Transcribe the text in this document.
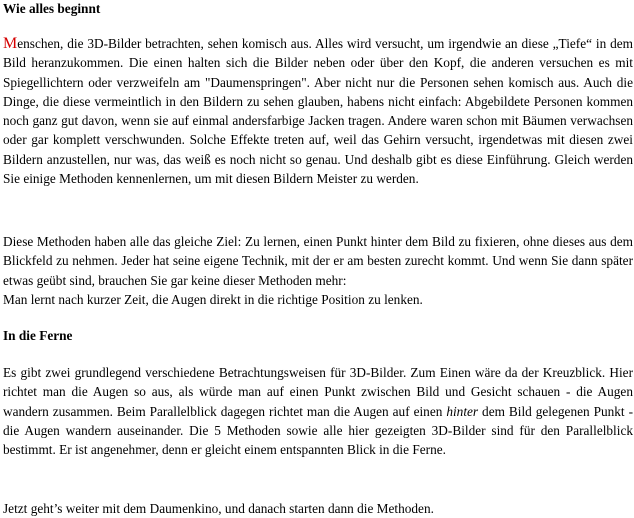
Wie alles beginnt

Menschen, die 3D-Bilder betrachten, sehen komisch aus. Alles wird versucht, um irgendwie an diese „Tiefe“ in dem Bild heranzukommen. Die einen halten sich die Bilder neben oder über den Kopf, die anderen versuchen es mit Spiegellichtern oder verzweifeln am "Daumenspringen". Aber nicht nur die Personen sehen komisch aus. Auch die Dinge, die diese vermeintlich in den Bildern zu sehen glauben, habens nicht einfach: Abgebildete Personen kommen noch ganz gut davon, wenn sie auf einmal andersfarbige Jacken tragen. Andere waren schon mit Bäumen verwachsen oder gar komplett verschwunden. Solche Effekte treten auf, weil das Gehirn versucht, irgendetwas mit diesen zwei Bildern anzustellen, nur was, das weiß es noch nicht so genau. Und deshalb gibt es diese Einführung. Gleich werden Sie einige Methoden kennenlernen, um mit diesen Bildern Meister zu werden.

Diese Methoden haben alle das gleiche Ziel: Zu lernen, einen Punkt hinter dem Bild zu fixieren, ohne dieses aus dem Blickfeld zu nehmen. Jeder hat seine eigene Technik, mit der er am besten zurecht kommt. Und wenn Sie dann später etwas geübt sind, brauchen Sie gar keine dieser Methoden mehr:
Man lernt nach kurzer Zeit, die Augen direkt in die richtige Position zu lenken.

In die Ferne

Es gibt zwei grundlegend verschiedene Betrachtungsweisen für 3D-Bilder. Zum Einen wäre da der Kreuzblick. Hier richtet man die Augen so aus, als würde man auf einen Punkt zwischen Bild und Gesicht schauen - die Augen wandern zusammen. Beim Parallelblick dagegen richtet man die Augen auf einen hinter dem Bild gelegenen Punkt - die Augen wandern auseinander. Die 5 Methoden sowie alle hier gezeigten 3D-Bilder sind für den Parallelblick bestimmt. Er ist angenehmer, denn er gleicht einem entspannten Blick in die Ferne.

Jetzt geht’s weiter mit dem Daumenkino, und danach starten dann die Methoden.
